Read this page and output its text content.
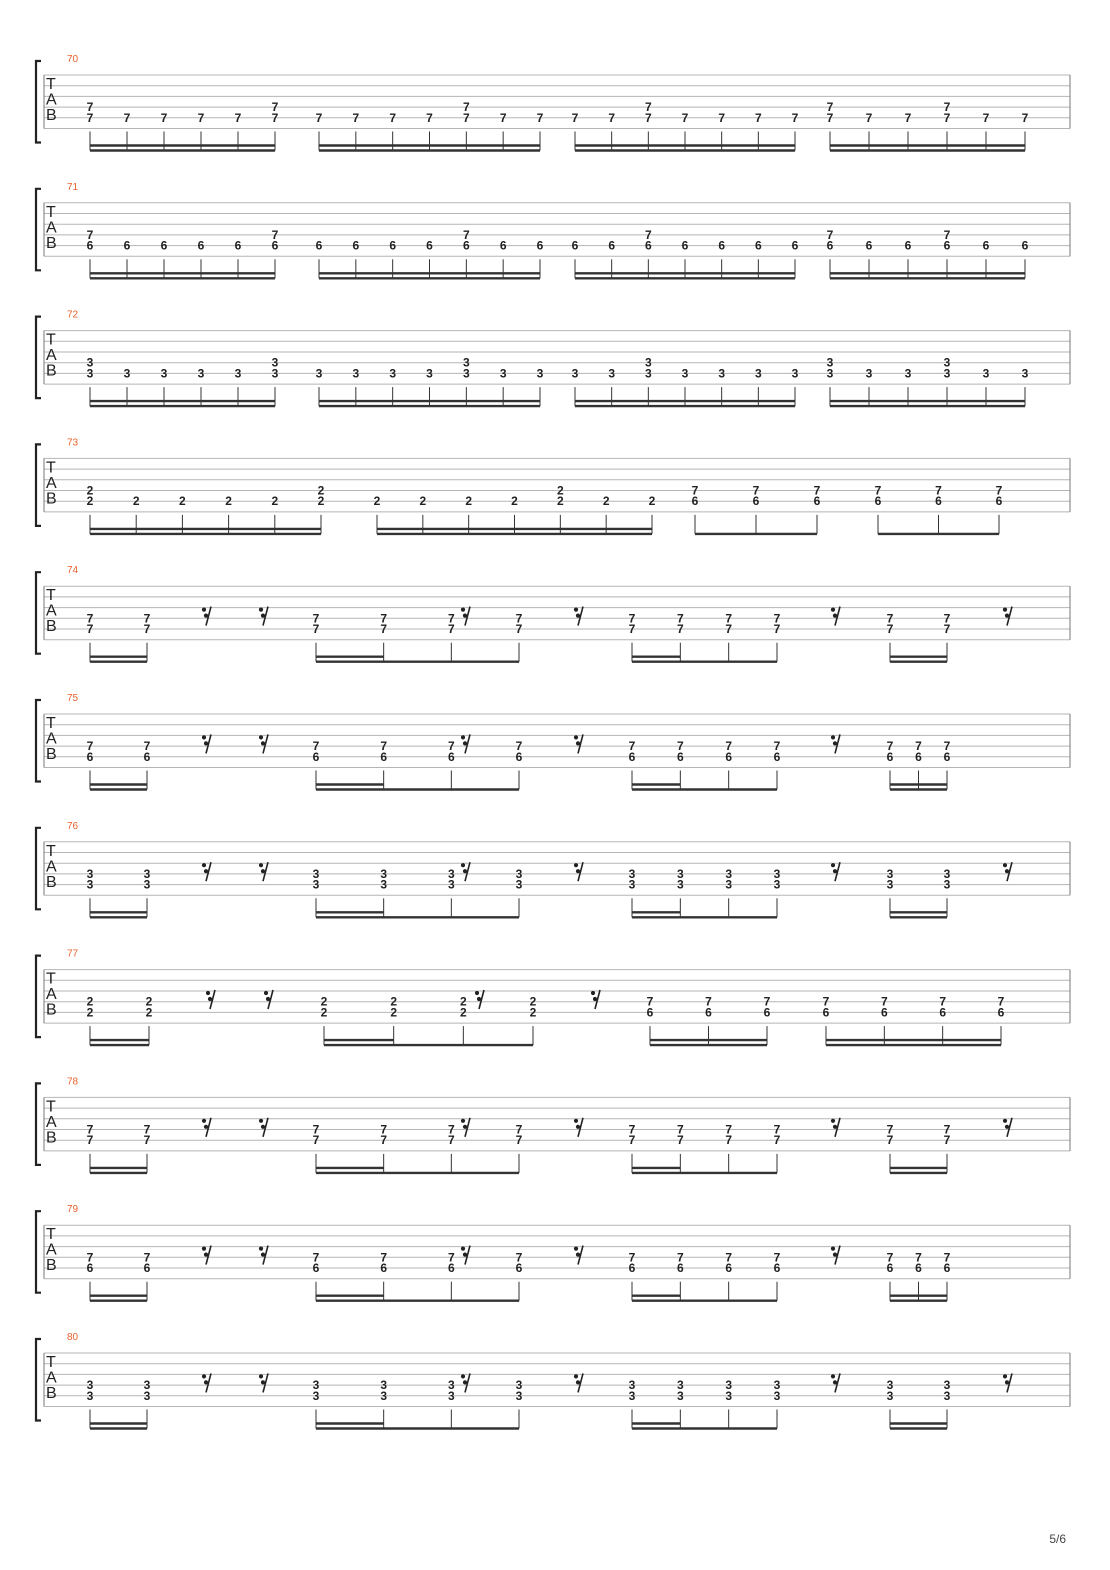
70
T
A
B 7
7	7	7	7	7
7
7	7	7	7	7
7
7	7	7 7 7
7
7 7 7 7 7
7
7	7	7
7
7	7	7
71
T
A
B 7
6	6	6	6	6
7
6	6	6	6	6
7
6	6	6 6 6
7
6 6 6 6 6
7
6	6	6
7
6	6	6
72
T
A
B 3
3	3	3	3	3
3
3	3	3	3	3
3
3	3	3 3 3
3
3 3 3 3 3
3
3	3	3
3
3	3	3
73
T
A
B 2
2	2	2	2	2
2
2	2	2	2	2
2
2	2	2
7
6
7
6
7
6
7
6
7
6
7
6
74
T
A
B 7
7
7
7
7
7
7
7
7
7
7
7
7
7
7
7
7
7
7
7
7
7
7
7
75
T
A
B 7
6
7
6
7
6
7
6
7
6
7
6
7
6
7
6
7
6
7
6
7
6
7
6
7
6
76
T
A
B 3
3
3
3
3
3
3
3
3
3
3
3
3
3
3
3
3
3
3
3
3
3
3
3
77
T
A
B 2
2
2
2
2
2
2
2
2
2
2
2
7
6
7
6
7
6
7
6
7
6
7
6
7
6
78
T
A
B 7
7
7
7
7
7
7
7
7
7
7
7
7
7
7
7
7
7
7
7
7
7
7
7
79
T
A
B 7
6
7
6
7
6
7
6
7
6
7
6
7
6
7
6
7
6
7
6
7
6
7
6
7
6
80
T
A
B 3
3
3
3
3
3
3
3
3
3
3
3
3
3
3
3
3
3
3
3
3
3
3
3
5/6
